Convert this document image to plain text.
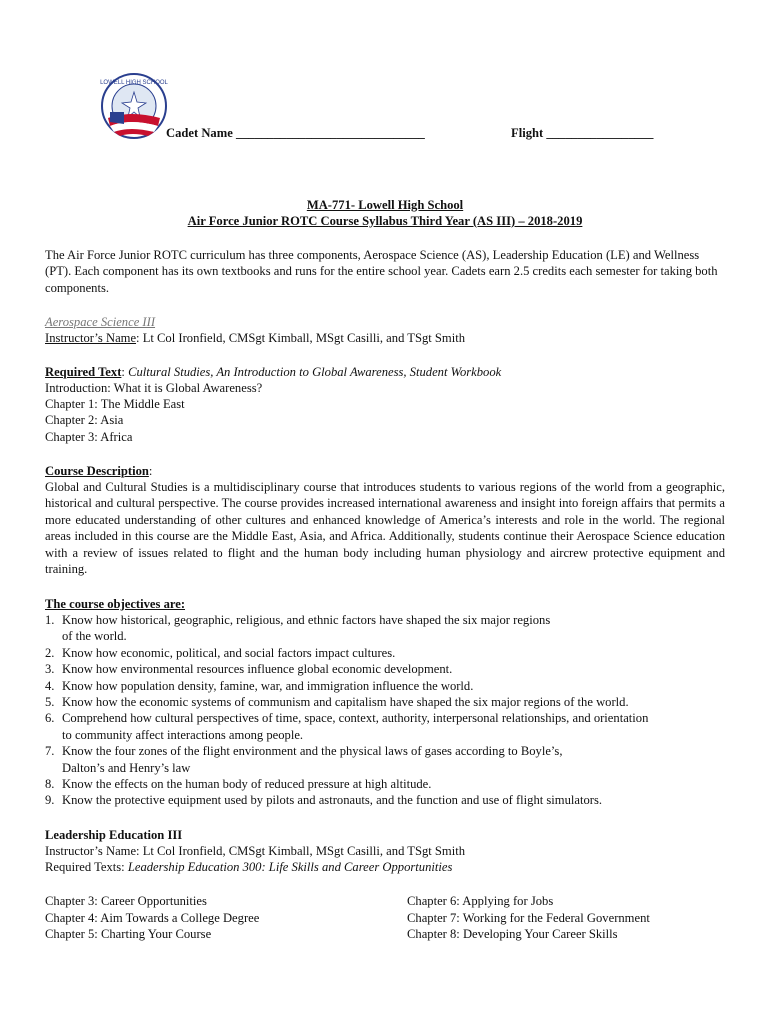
LOWELL HIGH SCHOOL
Cadet Name ______________________________	Flight _________________
MA-771- Lowell High School
Air Force Junior ROTC Course Syllabus Third Year (AS III) – 2018-2019
The Air Force Junior ROTC curriculum has three components, Aerospace Science (AS), Leadership Education (LE) and Wellness (PT). Each component has its own textbooks and runs for the entire school year. Cadets earn 2.5 credits each semester for taking both components.
Aerospace Science III
Instructor’s Name: Lt Col Ironfield, CMSgt Kimball, MSgt Casilli, and TSgt Smith
Required Text: Cultural Studies, An Introduction to Global Awareness, Student Workbook
Introduction: What it is Global Awareness?
Chapter 1: The Middle East
Chapter 2: Asia
Chapter 3: Africa
Course Description:
Global and Cultural Studies is a multidisciplinary course that introduces students to various regions of the world from a geographic, historical and cultural perspective. The course provides increased international awareness and insight into foreign affairs that permits a more educated understanding of other cultures and enhanced knowledge of America’s interests and role in the world. The regional areas included in this course are the Middle East, Asia, and Africa. Additionally, students continue their Aerospace Science education with a review of issues related to flight and the human body including human physiology and aircrew protective equipment and training.
The course objectives are:
1. Know how historical, geographic, religious, and ethnic factors have shaped the six major regions of the world.
2. Know how economic, political, and social factors impact cultures.
3. Know how environmental resources influence global economic development.
4. Know how population density, famine, war, and immigration influence the world.
5. Know how the economic systems of communism and capitalism have shaped the six major regions of the world.
6. Comprehend how cultural perspectives of time, space, context, authority, interpersonal relationships, and orientation to community affect interactions among people.
7. Know the four zones of the flight environment and the physical laws of gases according to Boyle’s, Dalton’s and Henry’s law
8. Know the effects on the human body of reduced pressure at high altitude.
9. Know the protective equipment used by pilots and astronauts, and the function and use of flight simulators.
Leadership Education III
Instructor’s Name: Lt Col Ironfield, CMSgt Kimball, MSgt Casilli, and TSgt Smith
Required Texts: Leadership Education 300: Life Skills and Career Opportunities
Chapter 3: Career Opportunities
Chapter 4: Aim Towards a College Degree
Chapter 5: Charting Your Course
Chapter 6: Applying for Jobs
Chapter 7: Working for the Federal Government
Chapter 8: Developing Your Career Skills
